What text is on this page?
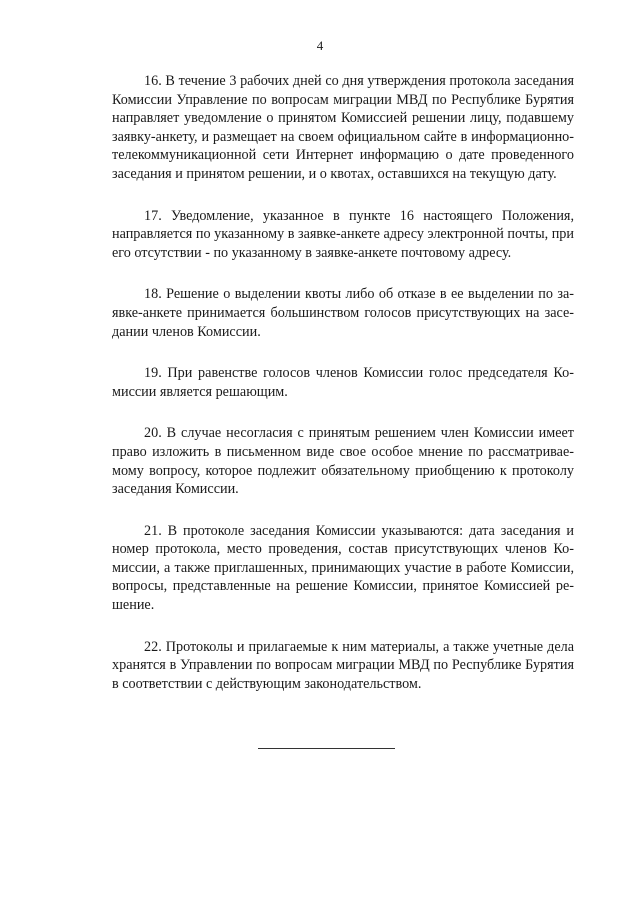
4

16. В течение 3 рабочих дней со дня утверждения протокола заседания Комиссии Управление по вопросам миграции МВД по Республике Бурятия направляет уведомление о принятом Комиссией решении лицу, подавшему заявку-анкету, и размещает на своем официальном сайте в информационно-телекоммуникационной сети Интернет информацию о дате проведенного заседания и принятом решении, и о квотах, оставшихся на текущую дату.

17. Уведомление, указанное в пункте 16 настоящего Положения, направляется по указанному в заявке-анкете адресу электронной почты, при его отсутствии - по указанному в заявке-анкете почтовому адресу.

18. Решение о выделении квоты либо об отказе в ее выделении по заявке-анкете принимается большинством голосов присутствующих на заседании членов Комиссии.

19. При равенстве голосов членов Комиссии голос председателя Комиссии является решающим.

20. В случае несогласия с принятым решением член Комиссии имеет право изложить в письменном виде свое особое мнение по рассматриваемому вопросу, которое подлежит обязательному приобщению к протоколу заседания Комиссии.

21. В протоколе заседания Комиссии указываются: дата заседания и номер протокола, место проведения, состав присутствующих членов Комиссии, а также приглашенных, принимающих участие в работе Комиссии, вопросы, представленные на решение Комиссии, принятое Комиссией решение.

22. Протоколы и прилагаемые к ним материалы, а также учетные дела хранятся в Управлении по вопросам миграции МВД по Республике Бурятия в соответствии с действующим законодательством.
